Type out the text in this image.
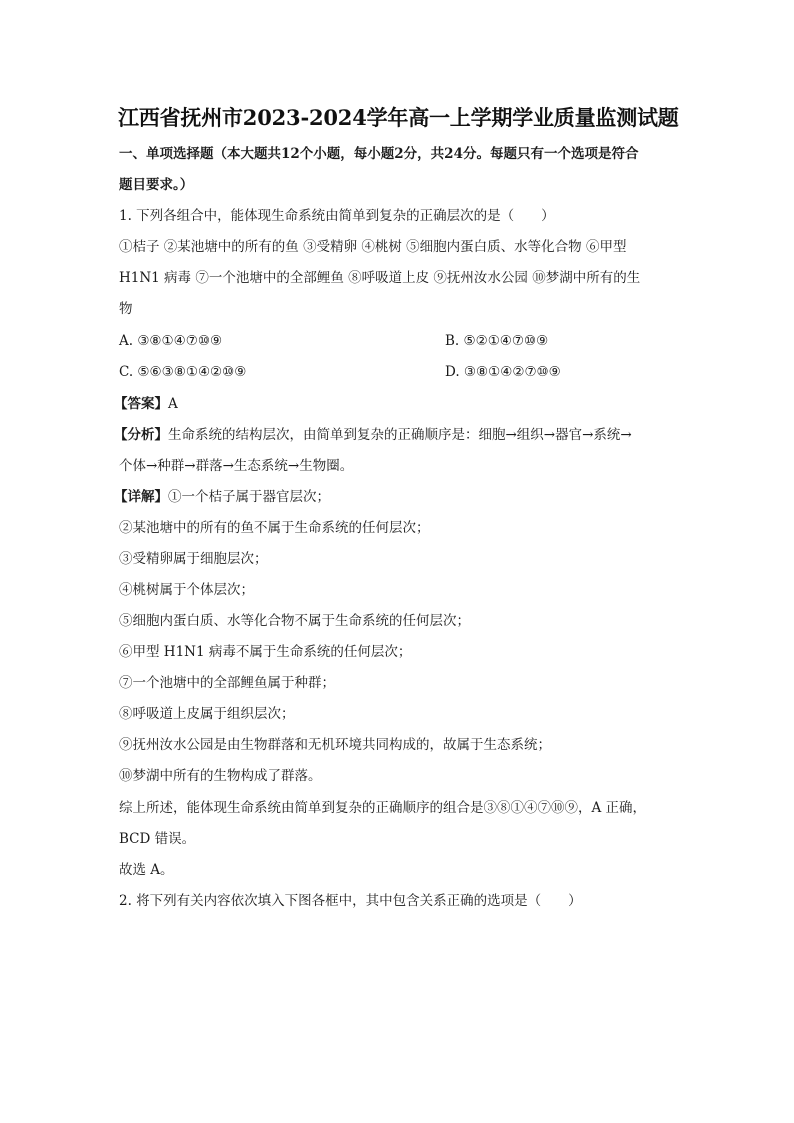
江西省抚州市2023-2024学年高一上学期学业质量监测试题
一、单项选择题（本大题共12个小题，每小题2分，共24分。每题只有一个选项是符合
题目要求。）
1. 下列各组合中，能体现生命系统由简单到复杂的正确层次的是（　　）
①桔子 ②某池塘中的所有的鱼 ③受精卵 ④桃树 ⑤细胞内蛋白质、水等化合物 ⑥甲型
H1N1 病毒 ⑦一个池塘中的全部鲤鱼 ⑧呼吸道上皮 ⑨抚州汝水公园 ⑩梦湖中所有的生
物
A. ③⑧①④⑦⑩⑨	B. ⑤②①④⑦⑩⑨
C. ⑤⑥③⑧①④②⑩⑨	D. ③⑧①④②⑦⑩⑨
【答案】A
【分析】生命系统的结构层次，由简单到复杂的正确顺序是：细胞→组织→器官→系统→
个体→种群→群落→生态系统→生物圈。
【详解】①一个桔子属于器官层次；
②某池塘中的所有的鱼不属于生命系统的任何层次；
③受精卵属于细胞层次；
④桃树属于个体层次；
⑤细胞内蛋白质、水等化合物不属于生命系统的任何层次；
⑥甲型 H1N1 病毒不属于生命系统的任何层次；
⑦一个池塘中的全部鲤鱼属于种群；
⑧呼吸道上皮属于组织层次；
⑨抚州汝水公园是由生物群落和无机环境共同构成的，故属于生态系统；
⑩梦湖中所有的生物构成了群落。
综上所述，能体现生命系统由简单到复杂的正确顺序的组合是③⑧①④⑦⑩⑨，A 正确，
BCD 错误。
故选 A。
2. 将下列有关内容依次填入下图各框中，其中包含关系正确的选项是（　　）
